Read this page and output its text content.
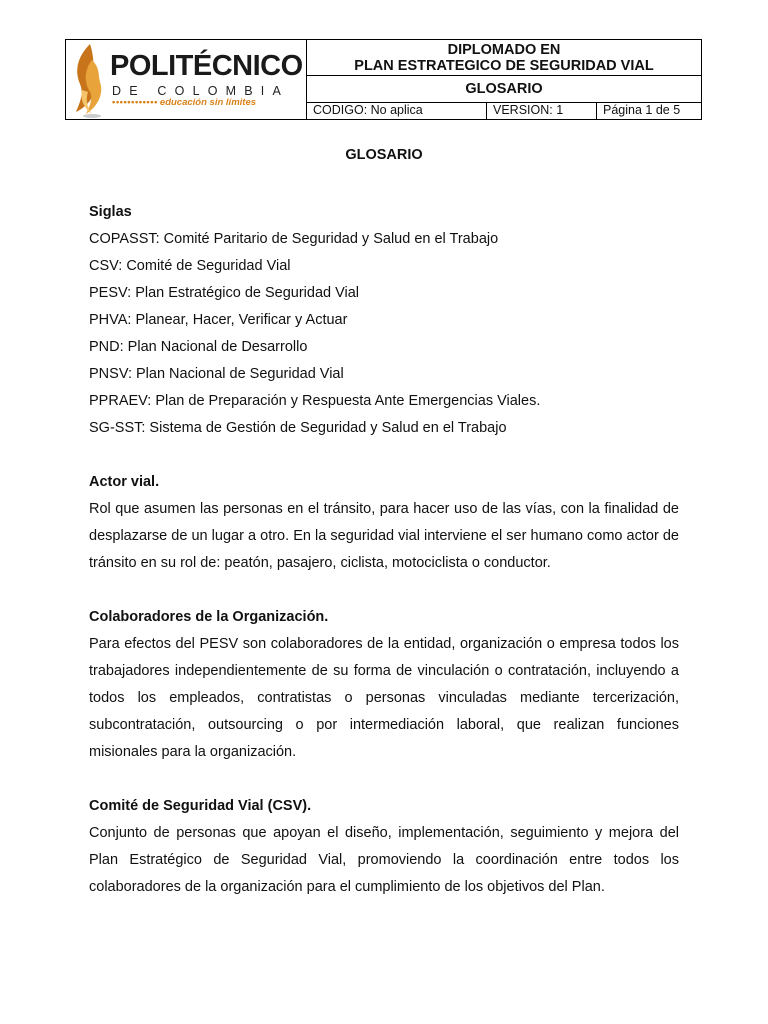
POLITÉCNICO
DE COLOMBIA
•••••••••••• educación sin límites
DIPLOMADO EN
PLAN ESTRATEGICO DE SEGURIDAD VIAL
GLOSARIO
CODIGO: No aplica	VERSION: 1	Página 1 de 5
GLOSARIO
Siglas
COPASST: Comité Paritario de Seguridad y Salud en el Trabajo
CSV: Comité de Seguridad Vial
PESV: Plan Estratégico de Seguridad Vial
PHVA: Planear, Hacer, Verificar y Actuar
PND: Plan Nacional de Desarrollo
PNSV: Plan Nacional de Seguridad Vial
PPRAEV: Plan de Preparación y Respuesta Ante Emergencias Viales.
SG-SST: Sistema de Gestión de Seguridad y Salud en el Trabajo
Actor vial.
Rol que asumen las personas en el tránsito, para hacer uso de las vías, con la finalidad de desplazarse de un lugar a otro. En la seguridad vial interviene el ser humano como actor de tránsito en su rol de: peatón, pasajero, ciclista, motociclista o conductor.
Colaboradores de la Organización.
Para efectos del PESV son colaboradores de la entidad, organización o empresa todos los trabajadores independientemente de su forma de vinculación o contratación, incluyendo a todos los empleados, contratistas o personas vinculadas mediante tercerización, subcontratación, outsourcing o por intermediación laboral, que realizan funciones misionales para la organización.
Comité de Seguridad Vial (CSV).
Conjunto de personas que apoyan el diseño, implementación, seguimiento y mejora del Plan Estratégico de Seguridad Vial, promoviendo la coordinación entre todos los colaboradores de la organización para el cumplimiento de los objetivos del Plan.
